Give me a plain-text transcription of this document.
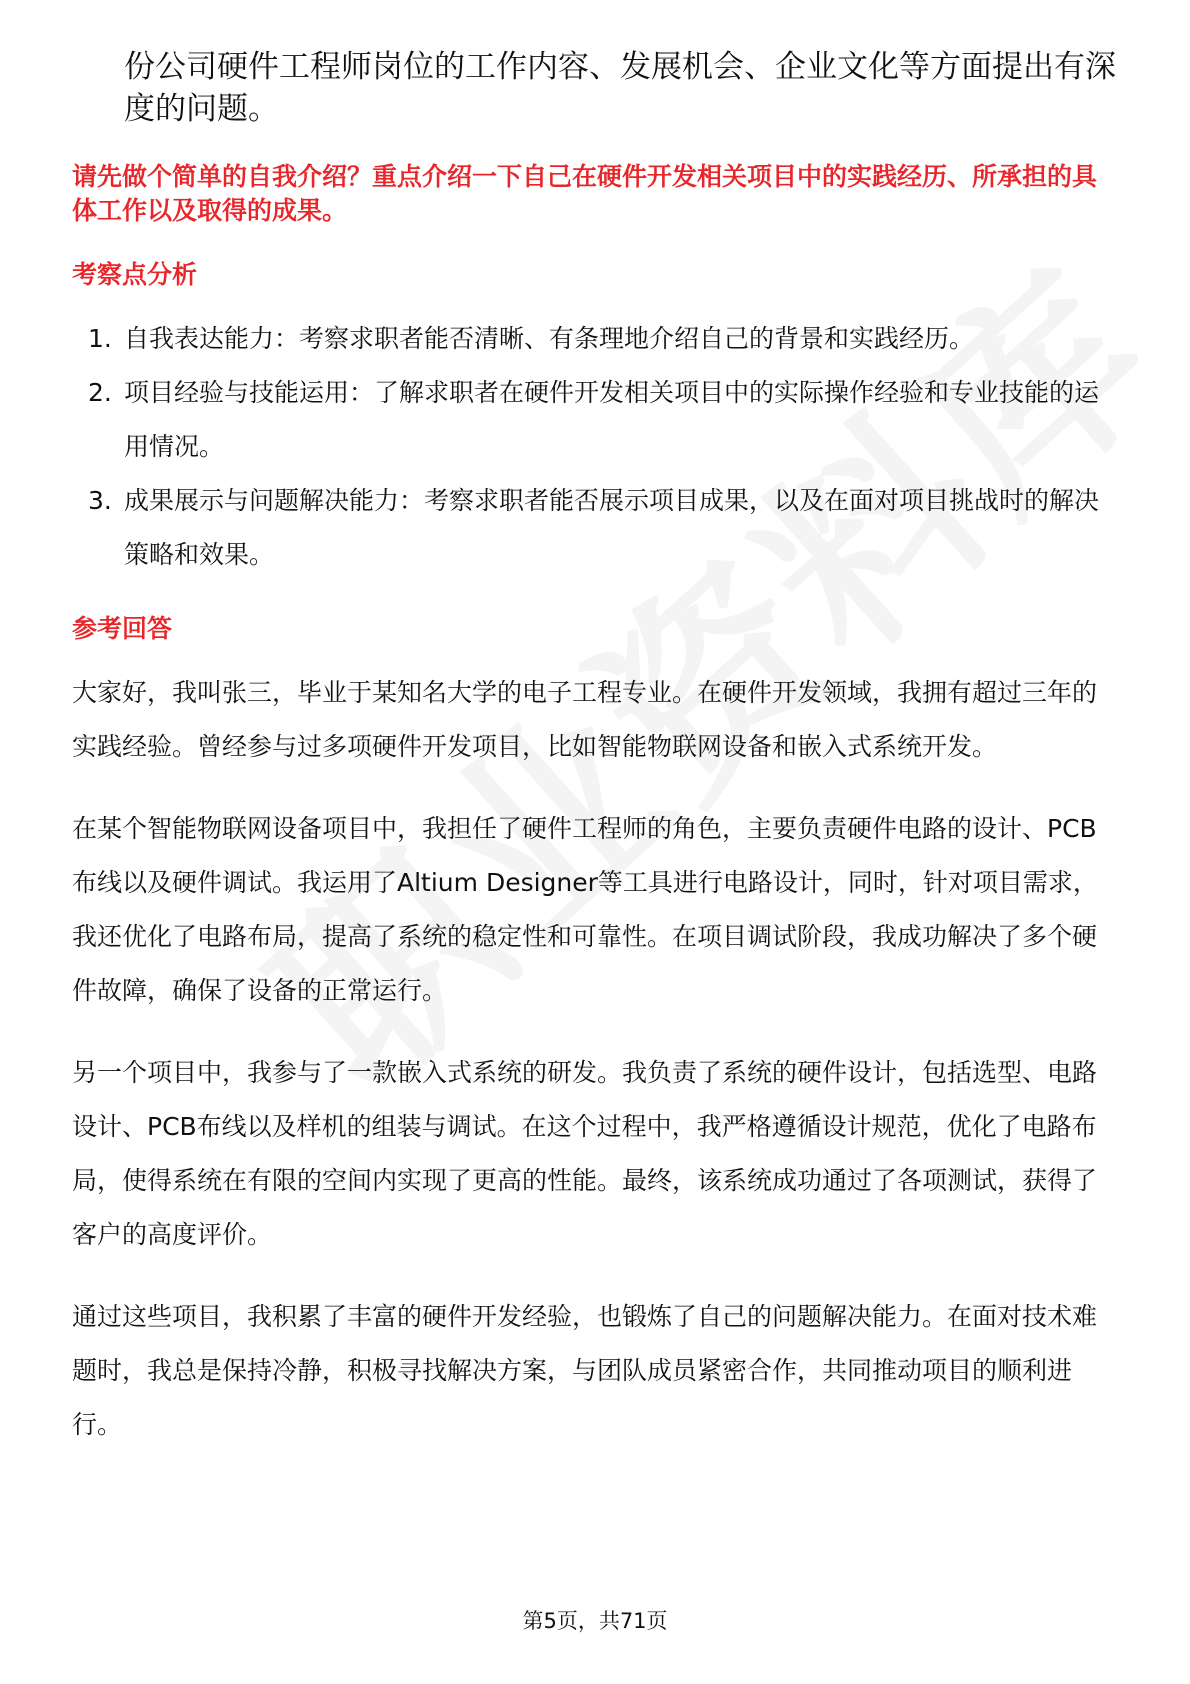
份公司硬件工程师岗位的工作内容、发展机会、企业文化等方面提出有深度的问题。

请先做个简单的自我介绍？重点介绍一下自己在硬件开发相关项目中的实践经历、所承担的具体工作以及取得的成果。

考察点分析
1. 自我表达能力：考察求职者能否清晰、有条理地介绍自己的背景和实践经历。
2. 项目经验与技能运用：了解求职者在硬件开发相关项目中的实际操作经验和专业技能的运用情况。
3. 成果展示与问题解决能力：考察求职者能否展示项目成果，以及在面对项目挑战时的解决策略和效果。
参考回答

大家好，我叫张三，毕业于某知名大学的电子工程专业。在硬件开发领域，我拥有超过三年的实践经验。曾经参与过多项硬件开发项目，比如智能物联网设备和嵌入式系统开发。

在某个智能物联网设备项目中，我担任了硬件工程师的角色，主要负责硬件电路的设计、PCB布线以及硬件调试。我运用了Altium Designer等工具进行电路设计，同时，针对项目需求，我还优化了电路布局，提高了系统的稳定性和可靠性。在项目调试阶段，我成功解决了多个硬件故障，确保了设备的正常运行。

另一个项目中，我参与了一款嵌入式系统的研发。我负责了系统的硬件设计，包括选型、电路设计、PCB布线以及样机的组装与调试。在这个过程中，我严格遵循设计规范，优化了电路布局，使得系统在有限的空间内实现了更高的性能。最终，该系统成功通过了各项测试，获得了客户的高度评价。

通过这些项目，我积累了丰富的硬件开发经验，也锻炼了自己的问题解决能力。在面对技术难题时，我总是保持冷静，积极寻找解决方案，与团队成员紧密合作，共同推动项目的顺利进行。

第5页，共71页
